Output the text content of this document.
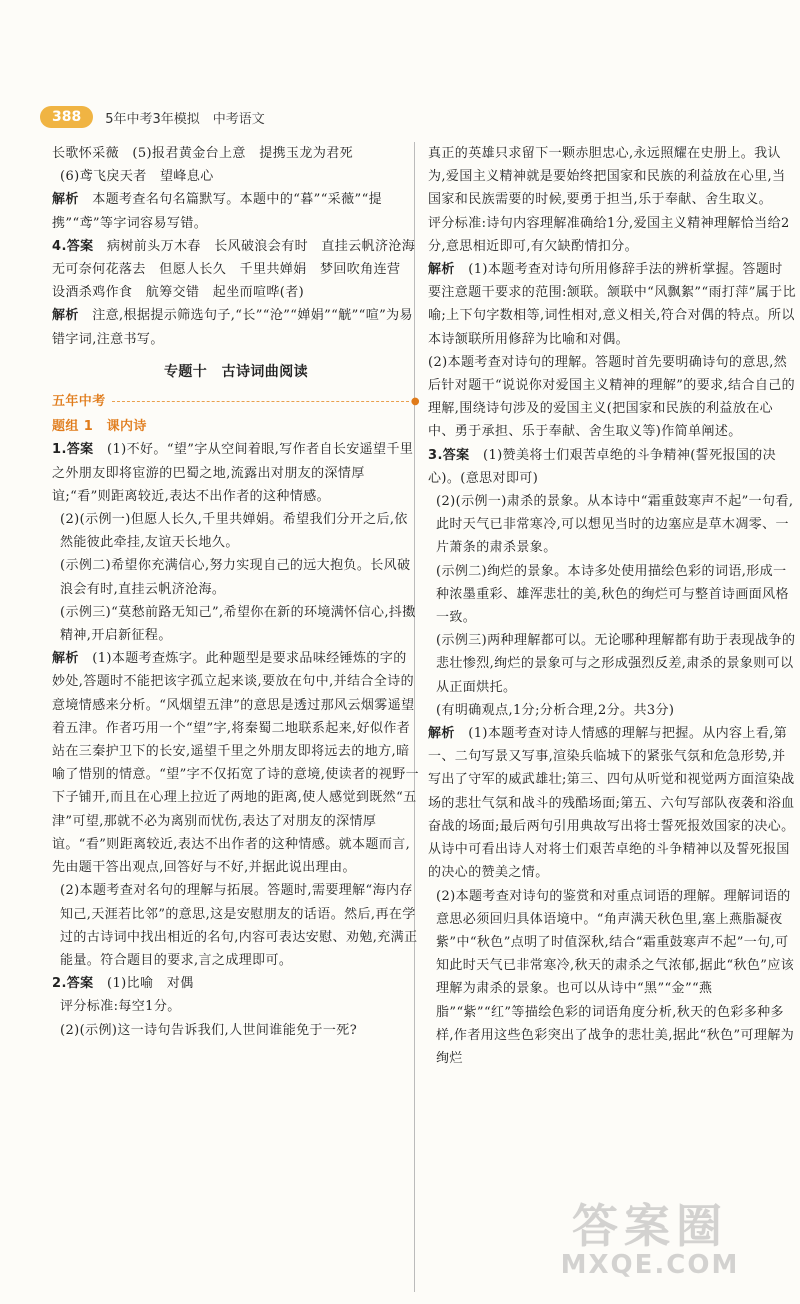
388	5年中考3年模拟　中考语文

长歌怀采薇　(5)报君黄金台上意　提携玉龙为君死

(6)鸢飞戾天者　望峰息心

解析　 本题考查名句名篇默写。本题中的“暮”“采薇”“提携”“鸢”等字词容易写错。

4.答案　 病树前头万木春　长风破浪会有时　直挂云帆济沧海　无可奈何花落去　但愿人长久　千里共婵娟　梦回吹角连营　设酒杀鸡作食　航筹交错　起坐而喧哗(者)

解析　 注意,根据提示筛选句子,“长”“沧”“婵娟”“觥”“喧”为易错字词,注意书写。

专题十　古诗词曲阅读
五年中考	●

题组 1　课内诗

1.答案　 (1)不好。“望”字从空间着眼,写作者自长安遥望千里之外朋友即将宦游的巴蜀之地,流露出对朋友的深情厚谊;“看”则距离较近,表达不出作者的这种情感。

(2)(示例一)但愿人长久,千里共婵娟。希望我们分开之后,依然能彼此牵挂,友谊天长地久。

(示例二)希望你充满信心,努力实现自己的远大抱负。长风破浪会有时,直挂云帆济沧海。

(示例三)“莫愁前路无知己”,希望你在新的环境满怀信心,抖擞精神,开启新征程。

解析　 (1)本题考查炼字。此种题型是要求品味经锤炼的字的妙处,答题时不能把该字孤立起来谈,要放在句中,并结合全诗的意境情感来分析。“风烟望五津”的意思是透过那风云烟雾遥望着五津。作者巧用一个“望”字,将秦蜀二地联系起来,好似作者站在三秦护卫下的长安,遥望千里之外朋友即将远去的地方,暗喻了惜别的情意。“望”字不仅拓宽了诗的意境,使读者的视野一下子铺开,而且在心理上拉近了两地的距离,使人感觉到既然“五津”可望,那就不必为离别而忧伤,表达了对朋友的深情厚谊。“看”则距离较近,表达不出作者的这种情感。就本题而言,先由题干答出观点,回答好与不好,并据此说出理由。

(2)本题考查对名句的理解与拓展。答题时,需要理解“海内存知己,天涯若比邻”的意思,这是安慰朋友的话语。然后,再在学过的古诗词中找出相近的名句,内容可表达安慰、劝勉,充满正能量。符合题目的要求,言之成理即可。

2.答案　 (1)比喻　对偶

评分标准:每空1分。

(2)(示例)这一诗句告诉我们,人世间谁能免于一死?

真正的英雄只求留下一颗赤胆忠心,永远照耀在史册上。我认为,爱国主义精神就是要始终把国家和民族的利益放在心里,当国家和民族需要的时候,要勇于担当,乐于奉献、舍生取义。

评分标准:诗句内容理解准确给1分,爱国主义精神理解恰当给2分,意思相近即可,有欠缺酌情扣分。

解析　 (1)本题考查对诗句所用修辞手法的辨析掌握。答题时要注意题干要求的范围:颔联。颔联中“风飘絮”“雨打萍”属于比喻;上下句字数相等,词性相对,意义相关,符合对偶的特点。所以本诗颔联所用修辞为比喻和对偶。

(2)本题考查对诗句的理解。答题时首先要明确诗句的意思,然后针对题干“说说你对爱国主义精神的理解”的要求,结合自己的理解,围绕诗句涉及的爱国主义(把国家和民族的利益放在心中、勇于承担、乐于奉献、舍生取义等)作简单阐述。

3.答案　 (1)赞美将士们艰苦卓绝的斗争精神(誓死报国的决心)。(意思对即可)

(2)(示例一)肃杀的景象。从本诗中“霜重鼓寒声不起”一句看,此时天气已非常寒冷,可以想见当时的边塞应是草木凋零、一片萧条的肃杀景象。

(示例二)绚烂的景象。本诗多处使用描绘色彩的词语,形成一种浓墨重彩、雄浑悲壮的美,秋色的绚烂可与整首诗画面风格一致。

(示例三)两种理解都可以。无论哪种理解都有助于表现战争的悲壮惨烈,绚烂的景象可与之形成强烈反差,肃杀的景象则可以从正面烘托。

(有明确观点,1分;分析合理,2分。共3分)

解析　 (1)本题考查对诗人情感的理解与把握。从内容上看,第一、二句写景又写事,渲染兵临城下的紧张气氛和危急形势,并写出了守军的威武雄壮;第三、四句从听觉和视觉两方面渲染战场的悲壮气氛和战斗的残酷场面;第五、六句写部队夜袭和浴血奋战的场面;最后两句引用典故写出将士誓死报效国家的决心。从诗中可看出诗人对将士们艰苦卓绝的斗争精神以及誓死报国的决心的赞美之情。

(2)本题考查对诗句的鉴赏和对重点词语的理解。理解词语的意思必须回归具体语境中。“角声满天秋色里,塞上燕脂凝夜紫”中“秋色”点明了时值深秋,结合“霜重鼓寒声不起”一句,可知此时天气已非常寒冷,秋天的肃杀之气浓郁,据此“秋色”应该理解为肃杀的景象。也可以从诗中“黑”“金”“燕脂”“紫”“红”等描绘色彩的词语角度分析,秋天的色彩多种多样,作者用这些色彩突出了战争的悲壮美,据此“秋色”可理解为绚烂

答案圈
MXQE.COM
